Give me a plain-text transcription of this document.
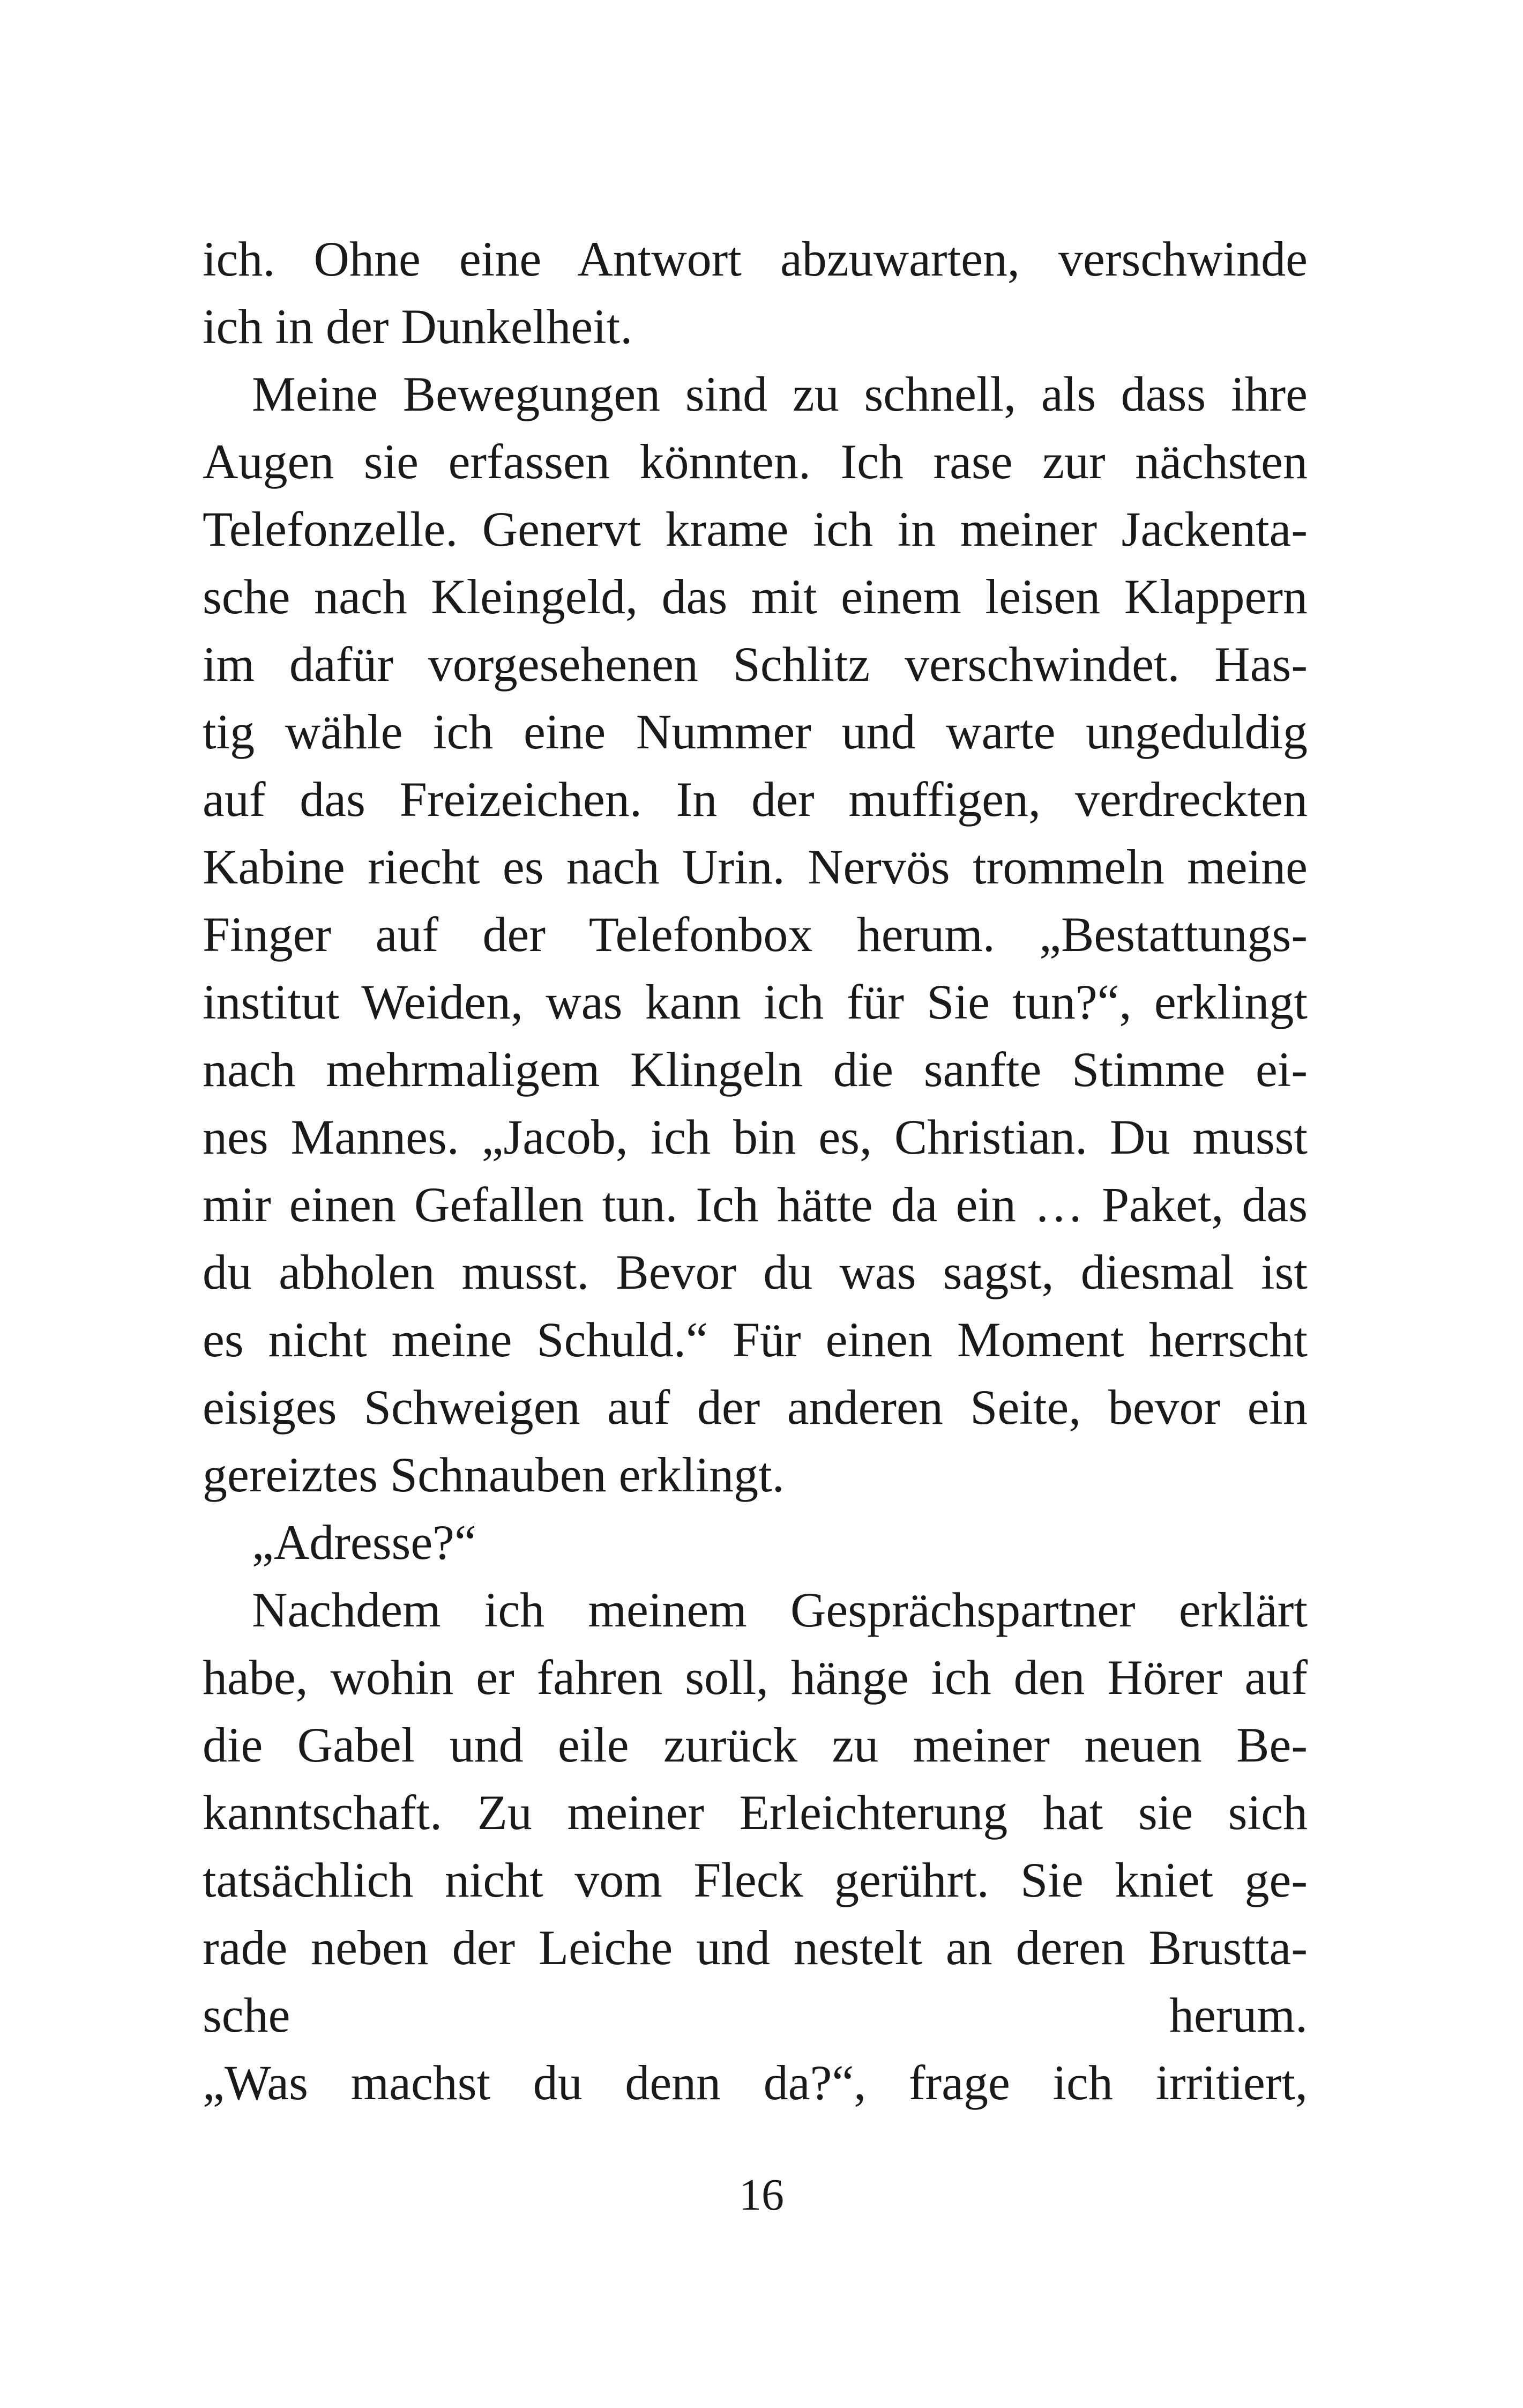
ich. Ohne eine Antwort abzuwarten, verschwinde
ich in der Dunkelheit.
Meine Bewegungen sind zu schnell, als dass ihre
Augen sie erfassen könnten. Ich rase zur nächsten
Telefonzelle. Genervt krame ich in meiner Jackenta-
sche nach Kleingeld, das mit einem leisen Klappern
im dafür vorgesehenen Schlitz verschwindet. Has-
tig wähle ich eine Nummer und warte ungeduldig
auf das Freizeichen. In der muffigen, verdreckten
Kabine riecht es nach Urin. Nervös trommeln meine
Finger auf der Telefonbox herum. „Bestattungs-
institut Weiden, was kann ich für Sie tun?“, erklingt
nach mehrmaligem Klingeln die sanfte Stimme ei-
nes Mannes. „Jacob, ich bin es, Christian. Du musst
mir einen Gefallen tun. Ich hätte da ein … Paket, das
du abholen musst. Bevor du was sagst, diesmal ist
es nicht meine Schuld.“ Für einen Moment herrscht
eisiges Schweigen auf der anderen Seite, bevor ein
gereiztes Schnauben erklingt.
„Adresse?“
Nachdem ich meinem Gesprächspartner erklärt
habe, wohin er fahren soll, hänge ich den Hörer auf
die Gabel und eile zurück zu meiner neuen Be-
kanntschaft. Zu meiner Erleichterung hat sie sich
tatsächlich nicht vom Fleck gerührt. Sie kniet ge-
rade neben der Leiche und nestelt an deren Brustta-
sche herum.
„Was machst du denn da?“, frage ich irritiert,
16
